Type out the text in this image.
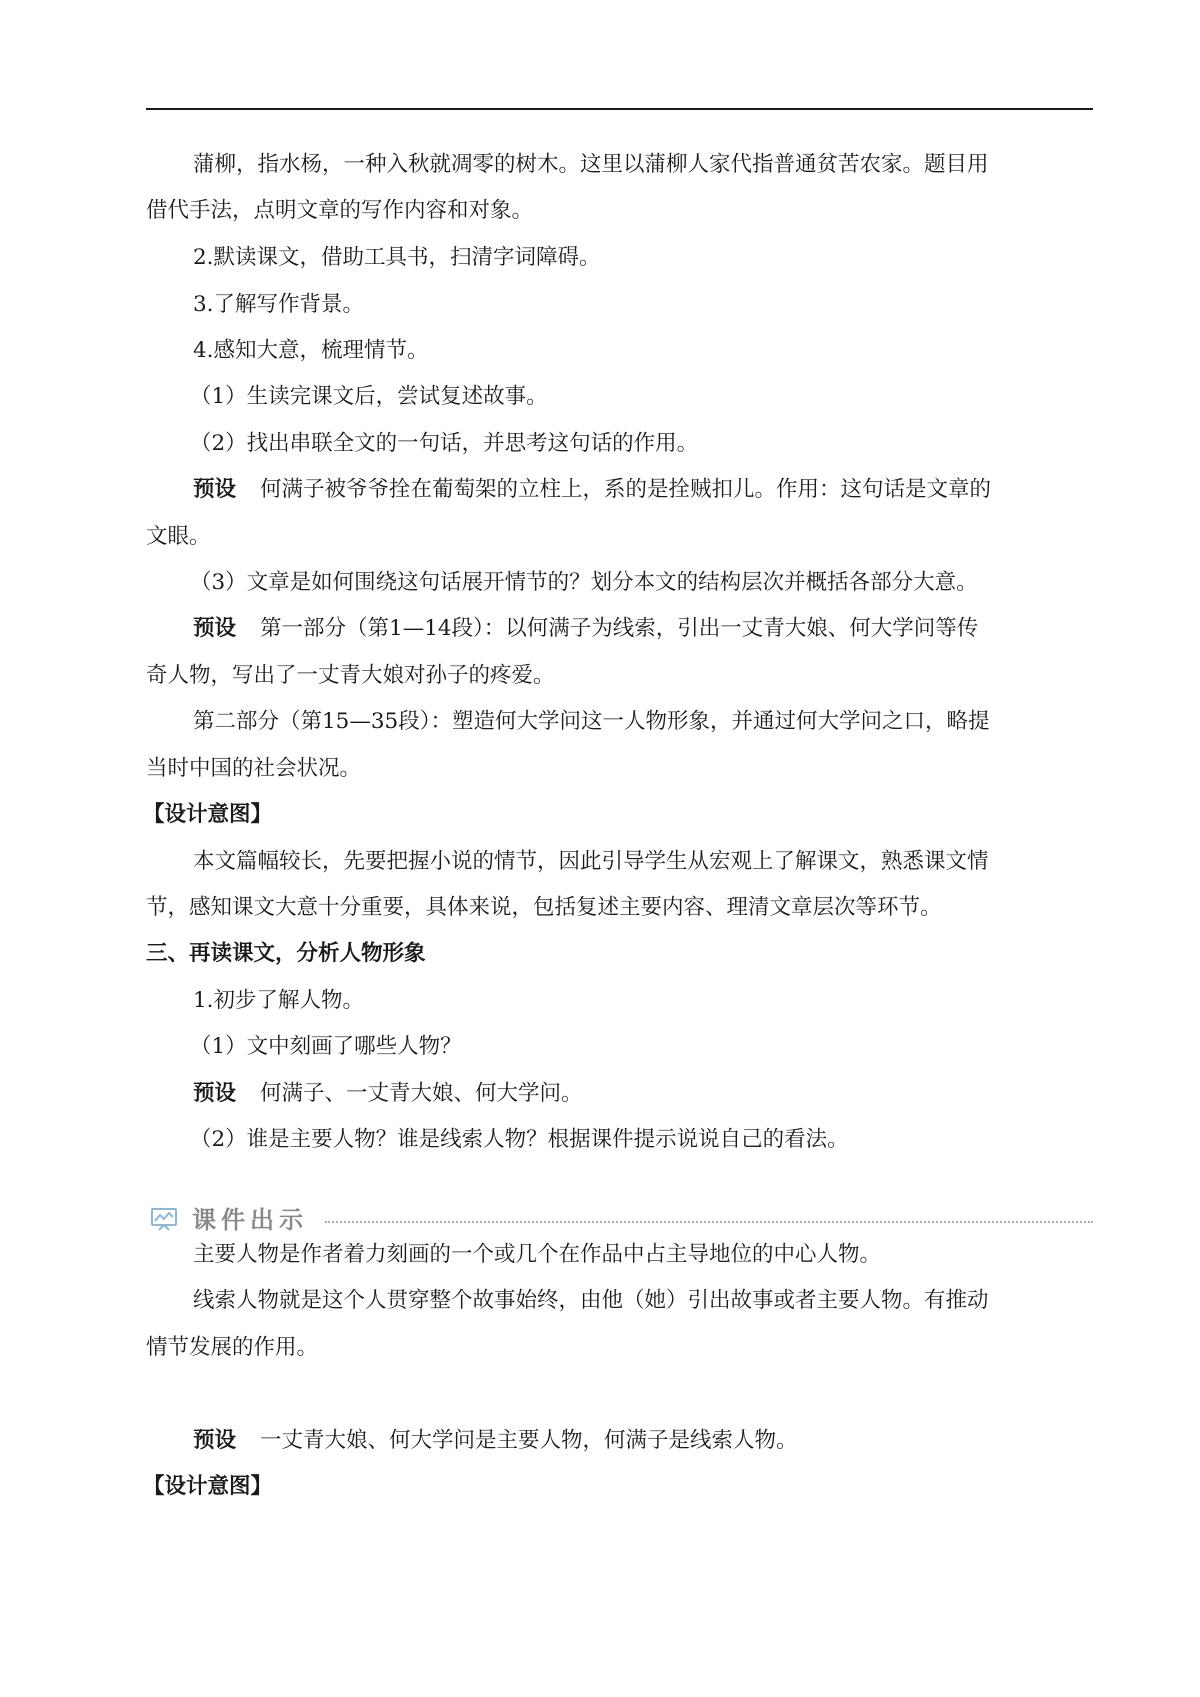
蒲柳，指水杨，一种入秋就凋零的树木。这里以蒲柳人家代指普通贫苦农家。题目用
借代手法，点明文章的写作内容和对象。
2.默读课文，借助工具书，扫清字词障碍。
3.了解写作背景。
4.感知大意，梳理情节。
（1）生读完课文后，尝试复述故事。
（2）找出串联全文的一句话，并思考这句话的作用。
预设 何满子被爷爷拴在葡萄架的立柱上，系的是拴贼扣儿。作用：这句话是文章的
文眼。
（3）文章是如何围绕这句话展开情节的？划分本文的结构层次并概括各部分大意。
预设 第一部分（第1—14段）：以何满子为线索，引出一丈青大娘、何大学问等传
奇人物，写出了一丈青大娘对孙子的疼爱。
第二部分（第15—35段）：塑造何大学问这一人物形象，并通过何大学问之口，略提
当时中国的社会状况。
【设计意图】
本文篇幅较长，先要把握小说的情节，因此引导学生从宏观上了解课文，熟悉课文情
节，感知课文大意十分重要，具体来说，包括复述主要内容、理清文章层次等环节。
三、再读课文，分析人物形象
1.初步了解人物。
（1）文中刻画了哪些人物？
预设 何满子、一丈青大娘、何大学问。
（2）谁是主要人物？谁是线索人物？根据课件提示说说自己的看法。
课件出示
主要人物是作者着力刻画的一个或几个在作品中占主导地位的中心人物。
线索人物就是这个人贯穿整个故事始终，由他（她）引出故事或者主要人物。有推动
情节发展的作用。
预设 一丈青大娘、何大学问是主要人物，何满子是线索人物。
【设计意图】
